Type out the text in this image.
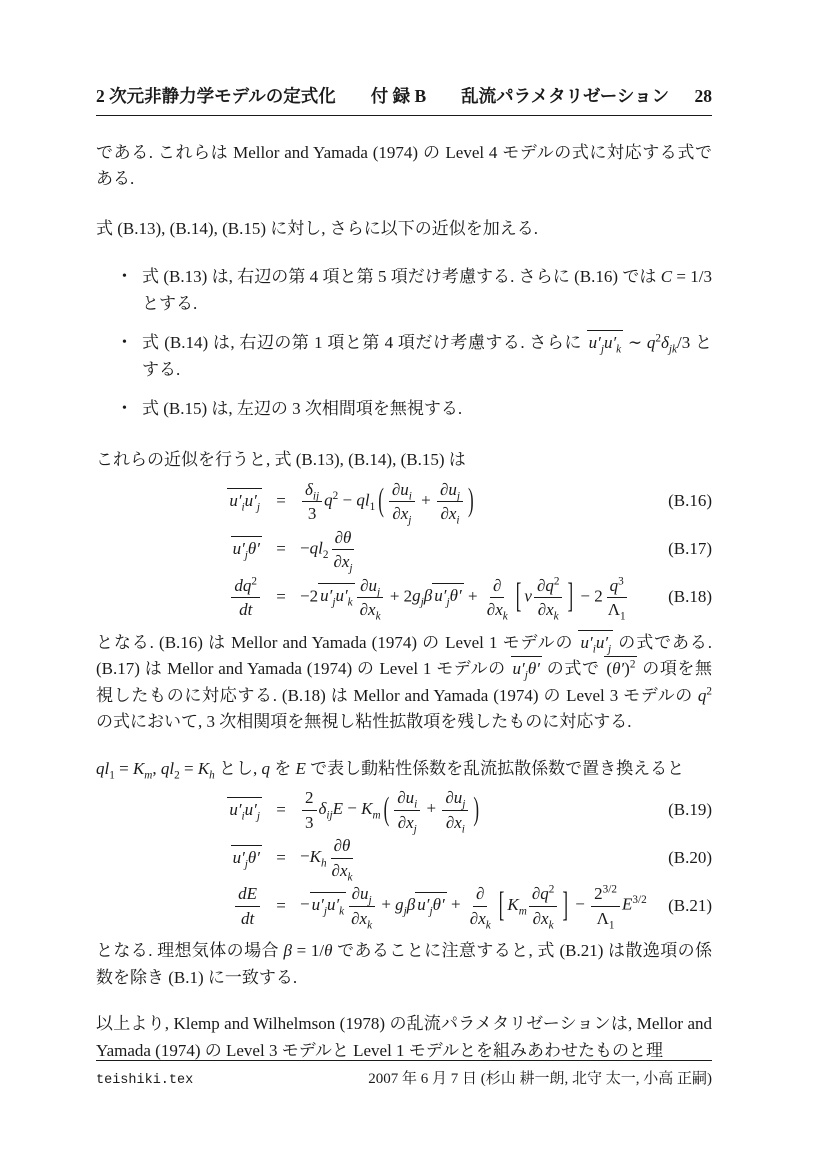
2 次元非静力学モデルの定式化　　付 録 B　　乱流パラメタリゼーション 28

である. これらは Mellor and Yamada (1974) の Level 4 モデルの式に対応する式である.

式 (B.13), (B.14), (B.15) に対し, さらに以下の近似を加える.

• 式 (B.13) は, 右辺の第 4 項と第 5 項だけ考慮する. さらに (B.16) では C = 1/3 とする.
• 式 (B.14) は, 右辺の第 1 項と第 4 項だけ考慮する. さらに $u'_ju'_k$ ∼ $q^2\delta_{jk}/3$ とする.
• 式 (B.15) は, 左辺の 3 次相間項を無視する.

これらの近似を行うと, 式 (B.13), (B.14), (B.15) は

$u'_iu'_j = \frac{\delta_{ij}}{3} q^2 - ql_1$ ( $\frac{\partial u_i}{\partial x_j} + \frac{\partial u_j}{\partial x_i}$ )	(B.16)
$u'_j\theta' = -ql_2 \frac{\partial\theta}{\partial x_j}$	(B.17)
$\frac{dq^2}{dt} = -2$ $u'_ju'_k \frac{\partial u_j}{\partial x_k} + 2g_j\beta$ $u'_j\theta' + \frac{\partial}{\partial x_k}$ [ ν $\frac{\partial q^2}{\partial x_k}$ ] − $2 \frac{q^3}{\Lambda_1}$	(B.18)

となる. (B.16) は Mellor and Yamada (1974) の Level 1 モデルの $u'_iu'_j$ の式である. (B.17) は Mellor and Yamada (1974) の Level 1 モデルの $u'_j\theta'$ の式で $(\theta')^2$ の項を無視したものに対応する. (B.18) は Mellor and Yamada (1974) の Level 3 モデルの $q^2$ の式において, 3 次相関項を無視し粘性拡散項を残したものに対応する.

$ql_1 = K_m$, $ql_2 = K_h$ とし, q を E で表し動粘性係数を乱流拡散係数で置き換えると

$u'_iu'_j = \frac{2}{3} \delta_{ij}E - K_m$ ( $\frac{\partial u_i}{\partial x_j} + \frac{\partial u_j}{\partial x_i}$ )	(B.19)
$u'_j\theta' = -K_h \frac{\partial\theta}{\partial x_k}$	(B.20)
$\frac{dE}{dt}$ = − $u'_ju'_k \frac{\partial u_j}{\partial x_k} + g_j\beta$ $u'_j\theta' + \frac{\partial}{\partial x_k}$ [ $K_m \frac{\partial q^2}{\partial x_k}$ ] − $\frac{2^{3/2}}{\Lambda_1} E^{3/2}$	(B.21)

となる. 理想気体の場合 β = 1/θ であることに注意すると, 式 (B.21) は散逸項の係数を除き (B.1) に一致する.

以上より, Klemp and Wilhelmson (1978) の乱流パラメタリゼーションは, Mellor and Yamada (1974) の Level 3 モデルと Level 1 モデルとを組みあわせたものと理

teishiki.tex	2007 年 6 月 7 日 (杉山 耕一朗, 北守 太一, 小高 正嗣)
